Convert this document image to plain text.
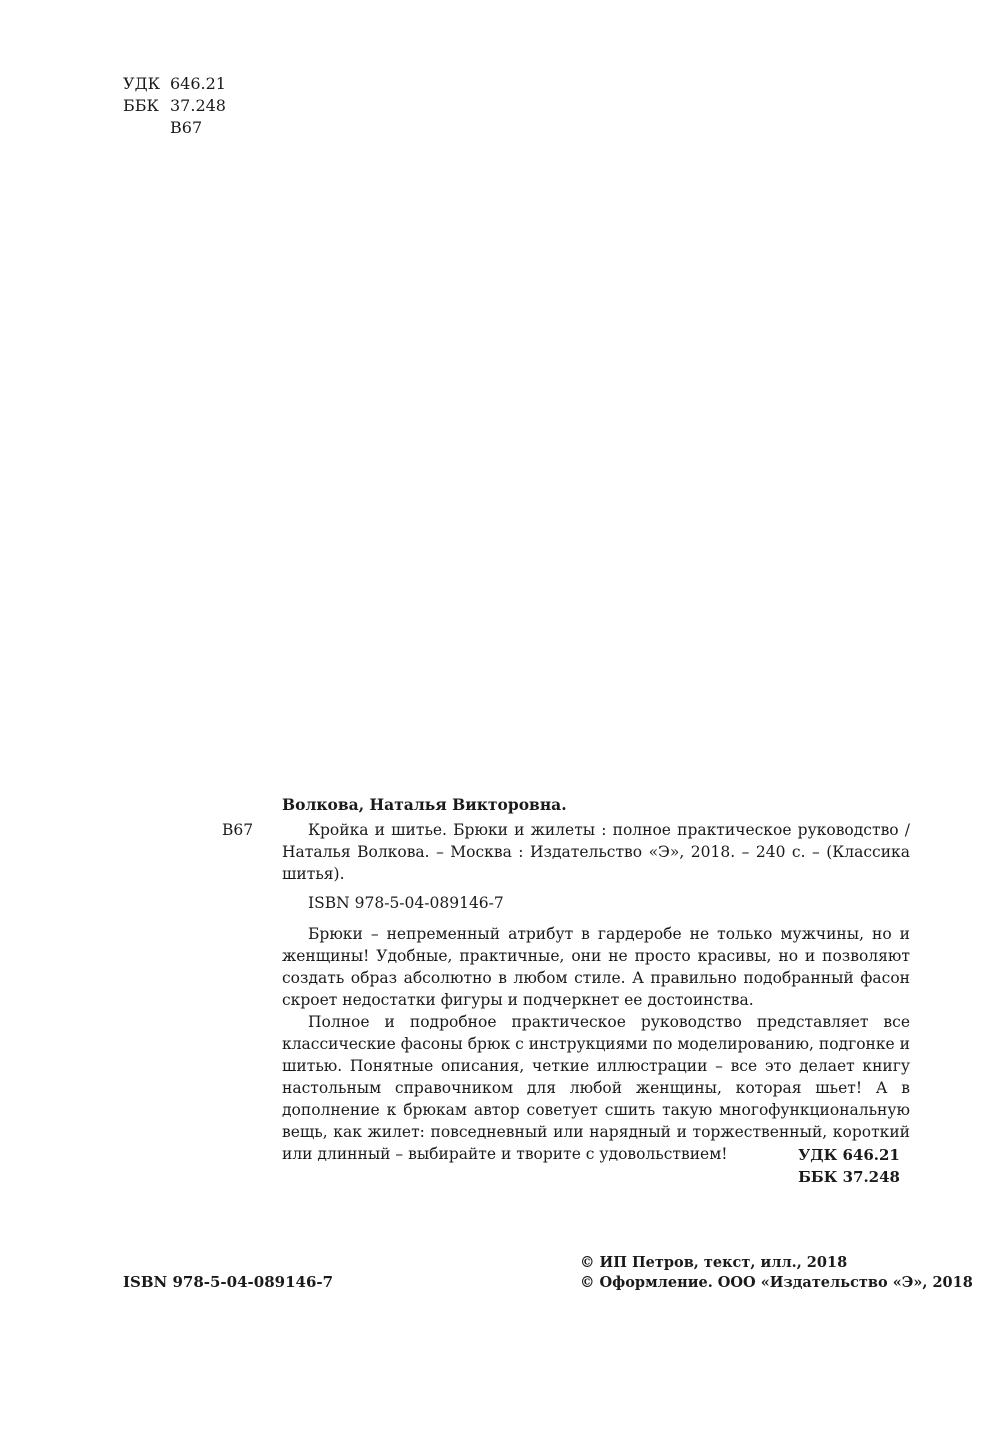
УДК 646.21
ББК 37.248
В67
Волкова, Наталья Викторовна.
В67	Кройка и шитье. Брюки и жилеты : полное практическое руководство / Наталья Волкова. – Москва : Издательство «Э», 2018. – 240 с. – (Классика шитья).
ISBN 978-5-04-089146-7

Брюки – непременный атрибут в гардеробе не только мужчины, но и женщины! Удобные, практичные, они не просто красивы, но и позволяют создать образ абсолютно в любом стиле. А правильно подобранный фасон скроет недостатки фигуры и подчеркнет ее достоинства.

Полное и подробное практическое руководство представляет все классические фасоны брюк с инструкциями по моделированию, подгонке и шитью. Понятные описания, четкие иллюстрации – все это делает книгу настольным справочником для любой женщины, которая шьет! А в дополнение к брюкам автор советует сшить такую многофункциональную вещь, как жилет: повседневный или нарядный и торжественный, короткий или длинный – выбирайте и творите с удовольствием!	УДК 646.21
ББК 37.248
ISBN 978-5-04-089146-7
© ИП Петров, текст, илл., 2018
© Оформление. ООО «Издательство «Э», 2018
